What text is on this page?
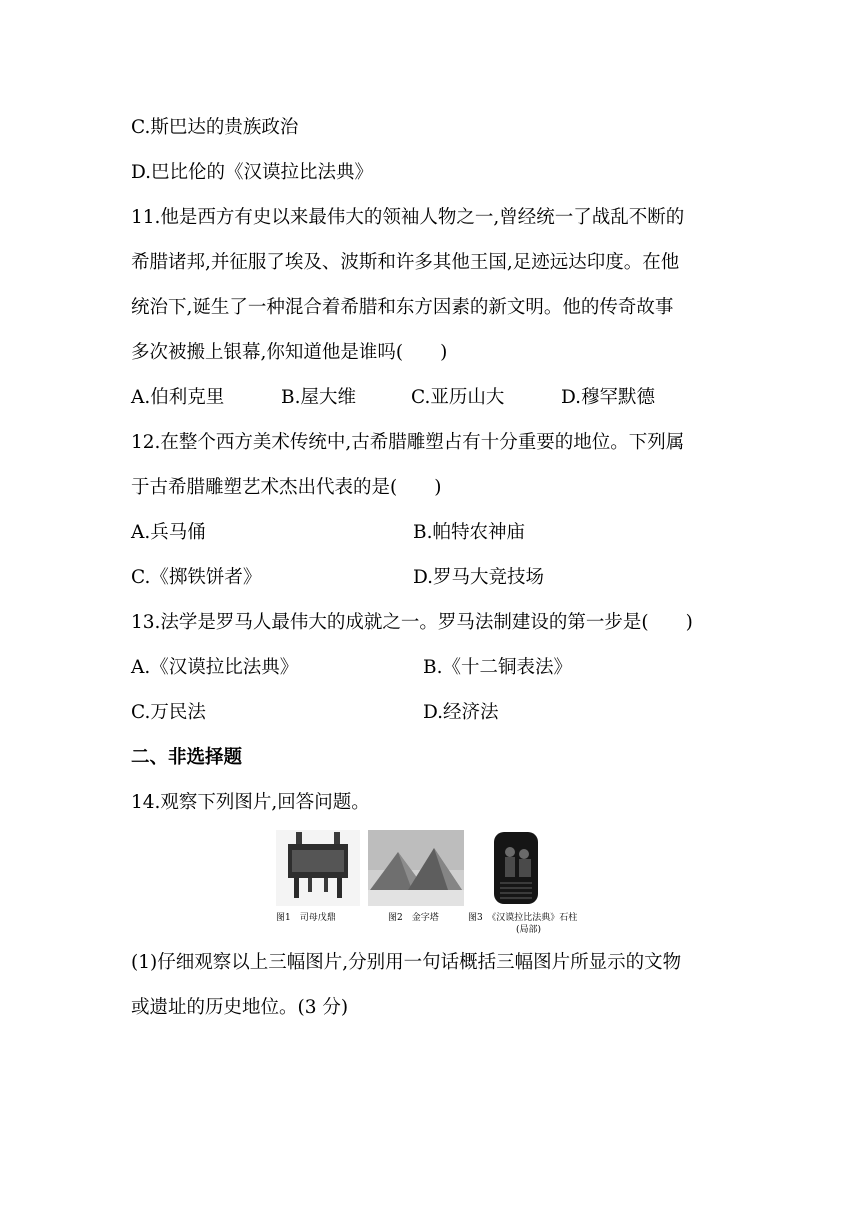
C.斯巴达的贵族政治
D.巴比伦的《汉谟拉比法典》
11.他是西方有史以来最伟大的领袖人物之一,曾经统一了战乱不断的
希腊诸邦,并征服了埃及、波斯和许多其他王国,足迹远达印度。在他
统治下,诞生了一种混合着希腊和东方因素的新文明。他的传奇故事
多次被搬上银幕,你知道他是谁吗(　　)
A.伯利克里	B.屋大维	C.亚历山大	D.穆罕默德
12.在整个西方美术传统中,古希腊雕塑占有十分重要的地位。下列属
于古希腊雕塑艺术杰出代表的是(　　)
A.兵马俑	B.帕特农神庙
C.《掷铁饼者》	D.罗马大竞技场
13.法学是罗马人最伟大的成就之一。罗马法制建设的第一步是(　　)
A.《汉谟拉比法典》	B.《十二铜表法》
C.万民法	D.经济法
二、非选择题
14.观察下列图片,回答问题。
图1　司母戊鼎	图2　金字塔	图3　《汉谟拉比法典》石柱
(局部)
(1)仔细观察以上三幅图片,分别用一句话概括三幅图片所显示的文物
或遗址的历史地位。(3 分)
